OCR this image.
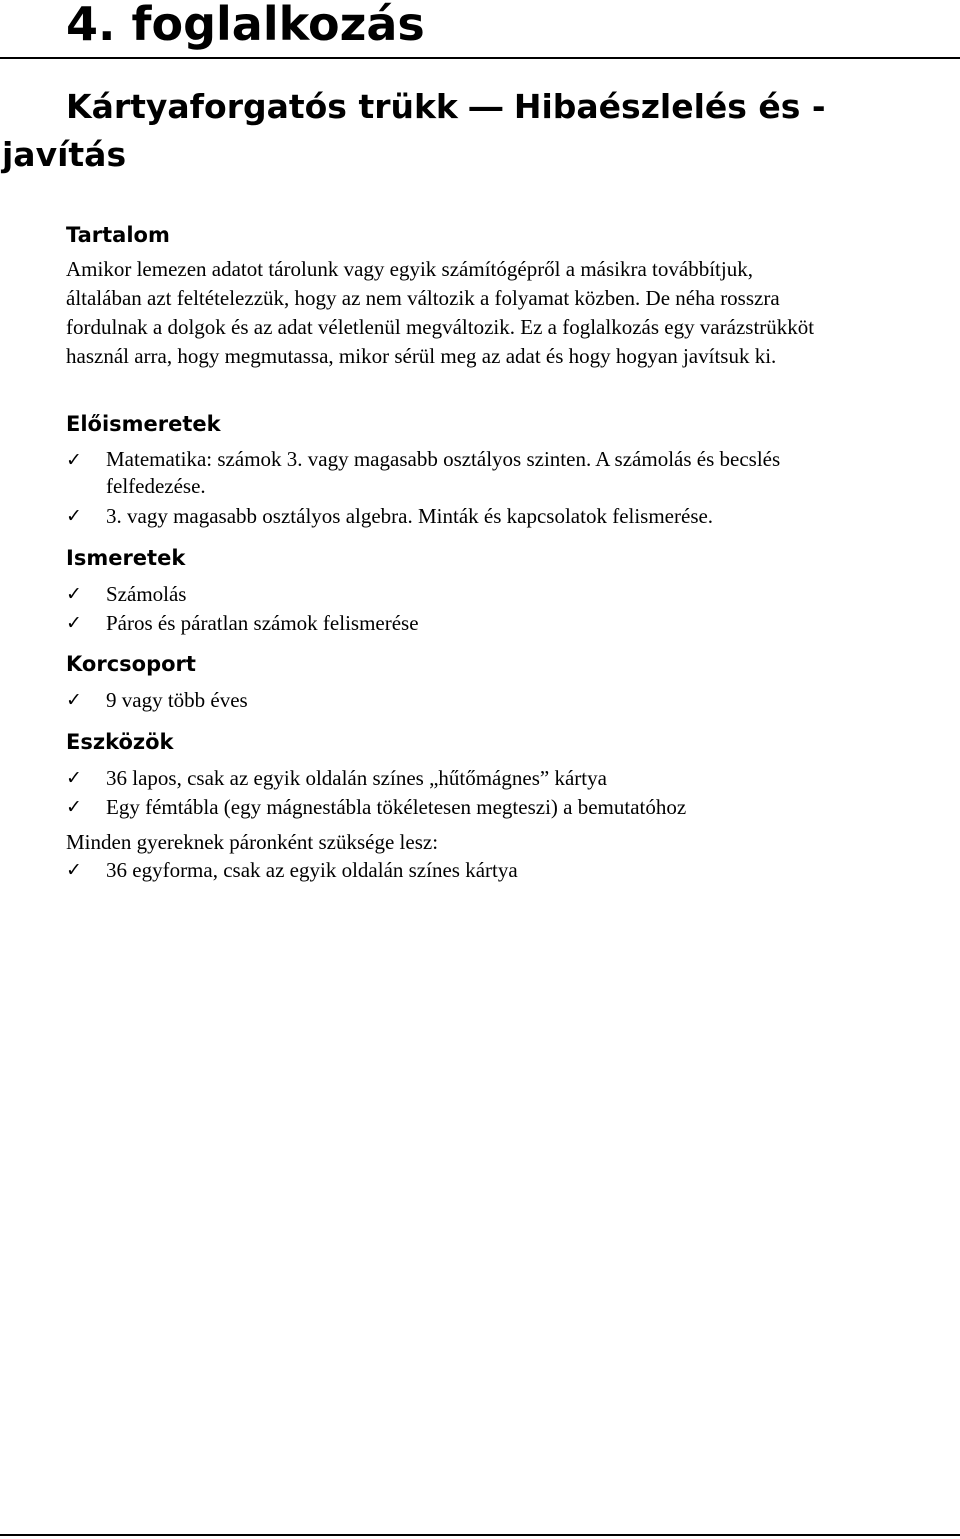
4. foglalkozás
Kártyaforgatós trükk ― Hibaészlelés és -
javítás
Tartalom
Amikor lemezen adatot tárolunk vagy egyik számítógépről a másikra továbbítjuk,
általában azt feltételezzük, hogy az nem változik a folyamat közben. De néha rosszra
fordulnak a dolgok és az adat véletlenül megváltozik. Ez a foglalkozás egy varázstrükköt
használ arra, hogy megmutassa, mikor sérül meg az adat és hogy hogyan javítsuk ki.
Előismeretek
✓ Matematika: számok 3. vagy magasabb osztályos szinten. A számolás és becslés
felfedezése.
✓ 3. vagy magasabb osztályos algebra. Minták és kapcsolatok felismerése.
Ismeretek
✓ Számolás
✓ Páros és páratlan számok felismerése
Korcsoport
✓ 9 vagy több éves
Eszközök
✓ 36 lapos, csak az egyik oldalán színes „hűtőmágnes” kártya
✓ Egy fémtábla (egy mágnestábla tökéletesen megteszi) a bemutatóhoz
Minden gyereknek páronként szüksége lesz:
✓ 36 egyforma, csak az egyik oldalán színes kártya
